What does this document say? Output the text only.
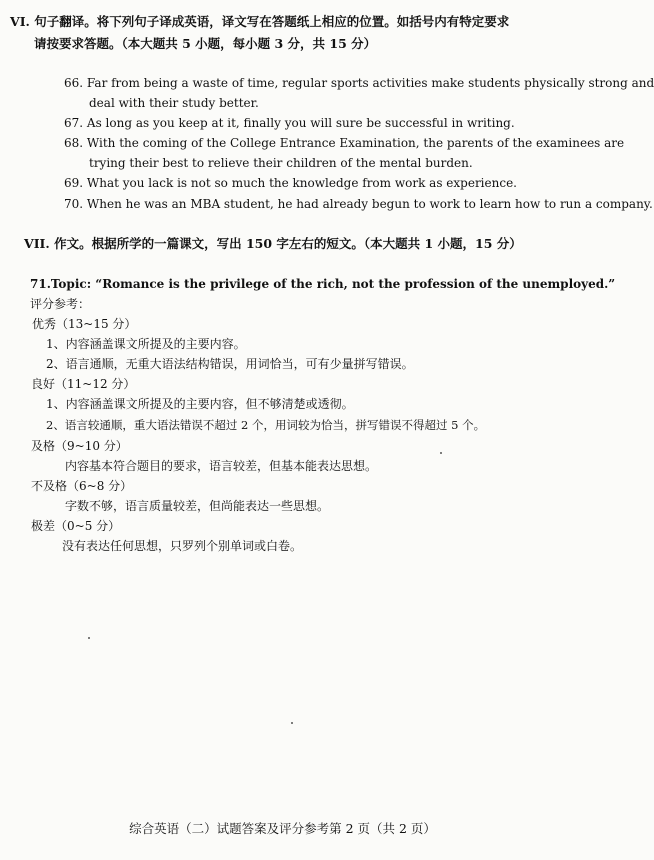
VI. 句子翻译。将下列句子译成英语，译文写在答题纸上相应的位置。如括号内有特定要求
请按要求答题。（本大题共 5 小题，每小题 3 分，共 15 分）
66. Far from being a waste of time, regular sports activities make students physically strong and
deal with their study better.
67. As long as you keep at it, finally you will sure be successful in writing.
68. With the coming of the College Entrance Examination, the parents of the examinees are
trying their best to relieve their children of the mental burden.
69. What you lack is not so much the knowledge from work as experience.
70. When he was an MBA student, he had already begun to work to learn how to run a company.
VII. 作文。根据所学的一篇课文，写出 150 字左右的短文。（本大题共 1 小题，15 分）
71.Topic: “Romance is the privilege of the rich, not the profession of the unemployed.”
评分参考：
优秀（13~15 分）
1、内容涵盖课文所提及的主要内容。
2、语言通顺，无重大语法结构错误，用词恰当，可有少量拼写错误。
良好（11~12 分）
1、内容涵盖课文所提及的主要内容，但不够清楚或透彻。
2、语言较通顺，重大语法错误不超过 2 个，用词较为恰当，拼写错误不得超过 5 个。
及格（9~10 分）
内容基本符合题目的要求，语言较差，但基本能表达思想。
不及格（6~8 分）
字数不够，语言质量较差，但尚能表达一些思想。
极差（0~5 分）
没有表达任何思想，只罗列个别单词或白卷。
综合英语（二）试题答案及评分参考第 2 页（共 2 页）
